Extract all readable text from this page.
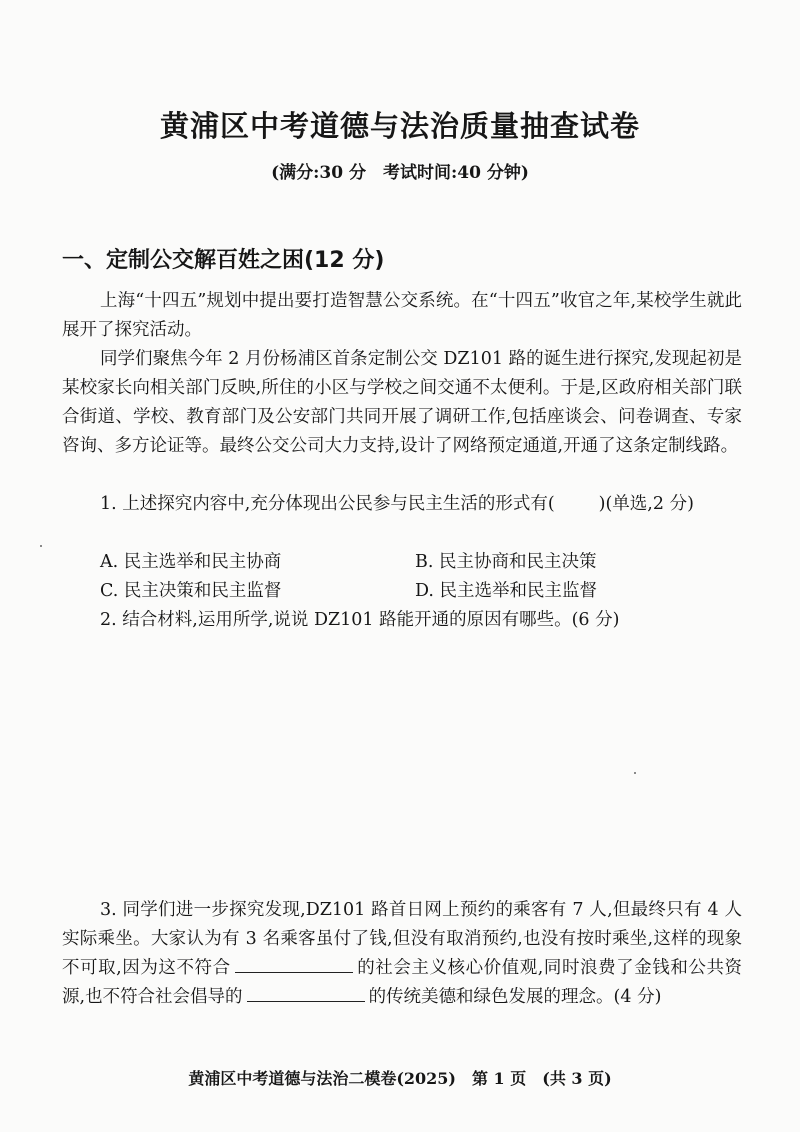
黄浦区中考道德与法治质量抽查试卷
(满分:30 分　考试时间:40 分钟)
一、定制公交解百姓之困(12 分)
上海“十四五”规划中提出要打造智慧公交系统。在“十四五”收官之年,某校学生就此展开了探究活动。
同学们聚焦今年 2 月份杨浦区首条定制公交 DZ101 路的诞生进行探究,发现起初是某校家长向相关部门反映,所住的小区与学校之间交通不太便利。于是,区政府相关部门联合街道、学校、教育部门及公安部门共同开展了调研工作,包括座谈会、问卷调查、专家咨询、多方论证等。最终公交公司大力支持,设计了网络预定通道,开通了这条定制线路。
1. 上述探究内容中,充分体现出公民参与民主生活的形式有(	)(单选,2 分)
A. 民主选举和民主协商	B. 民主协商和民主决策
C. 民主决策和民主监督	D. 民主选举和民主监督
2. 结合材料,运用所学,说说 DZ101 路能开通的原因有哪些。(6 分)
3. 同学们进一步探究发现,DZ101 路首日网上预约的乘客有 7 人,但最终只有 4 人实际乘坐。大家认为有 3 名乘客虽付了钱,但没有取消预约,也没有按时乘坐,这样的现象不可取,因为这不符合	的社会主义核心价值观,同时浪费了金钱和公共资源,也不符合社会倡导的	的传统美德和绿色发展的理念。(4 分)
黄浦区中考道德与法治二模卷(2025)　第 1 页　(共 3 页)
